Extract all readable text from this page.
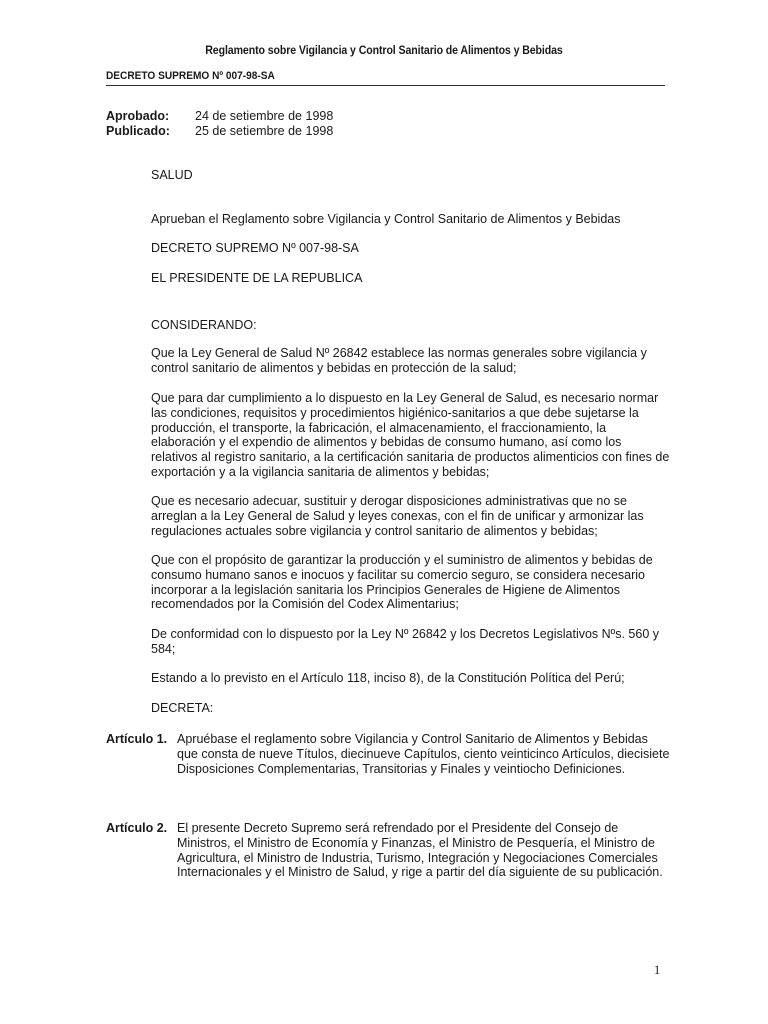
Reglamento sobre Vigilancia y Control Sanitario de Alimentos y Bebidas
DECRETO SUPREMO Nº 007-98-SA
Aprobado: 24 de setiembre de 1998
Publicado: 25 de setiembre de 1998

SALUD

Aprueban el Reglamento sobre Vigilancia y Control Sanitario de Alimentos y Bebidas

DECRETO SUPREMO Nº 007-98-SA

EL PRESIDENTE DE LA REPUBLICA

CONSIDERANDO:

Que la Ley General de Salud Nº 26842 establece las normas generales sobre vigilancia y control sanitario de alimentos y bebidas en protección de la salud;

Que para dar cumplimiento a lo dispuesto en la Ley General de Salud, es necesario normar las condiciones, requisitos y procedimientos higiénico-sanitarios a que debe sujetarse la producción, el transporte, la fabricación, el almacenamiento, el fraccionamiento, la elaboración y el expendio de alimentos y bebidas de consumo humano, así como los relativos al registro sanitario, a la certificación sanitaria de productos alimenticios con fines de exportación y a la vigilancia sanitaria de alimentos y bebidas;

Que es necesario adecuar, sustituir y derogar disposiciones administrativas que no se arreglan a la Ley General de Salud y leyes conexas, con el fin de unificar y armonizar las regulaciones actuales sobre vigilancia y control sanitario de alimentos y bebidas;

Que con el propósito de garantizar la producción y el suministro de alimentos y bebidas de consumo humano sanos e inocuos y facilitar su comercio seguro, se considera necesario incorporar a la legislación sanitaria los Principios Generales de Higiene de Alimentos recomendados por la Comisión del Codex Alimentarius;

De conformidad con lo dispuesto por la Ley Nº 26842 y los Decretos Legislativos Nºs. 560 y 584;

Estando a lo previsto en el Artículo 118, inciso 8), de la Constitución Política del Perú;

DECRETA:

Artículo 1. Apruébase el reglamento sobre Vigilancia y Control Sanitario de Alimentos y Bebidas que consta de nueve Títulos, diecinueve Capítulos, ciento veinticinco Artículos, diecisiete Disposiciones Complementarias, Transitorias y Finales y veintiocho Definiciones.
Artículo 2. El presente Decreto Supremo será refrendado por el Presidente del Consejo de Ministros, el Ministro de Economía y Finanzas, el Ministro de Pesquería, el Ministro de Agricultura, el Ministro de Industria, Turismo, Integración y Negociaciones Comerciales Internacionales y el Ministro de Salud, y rige a partir del día siguiente de su publicación.
1
